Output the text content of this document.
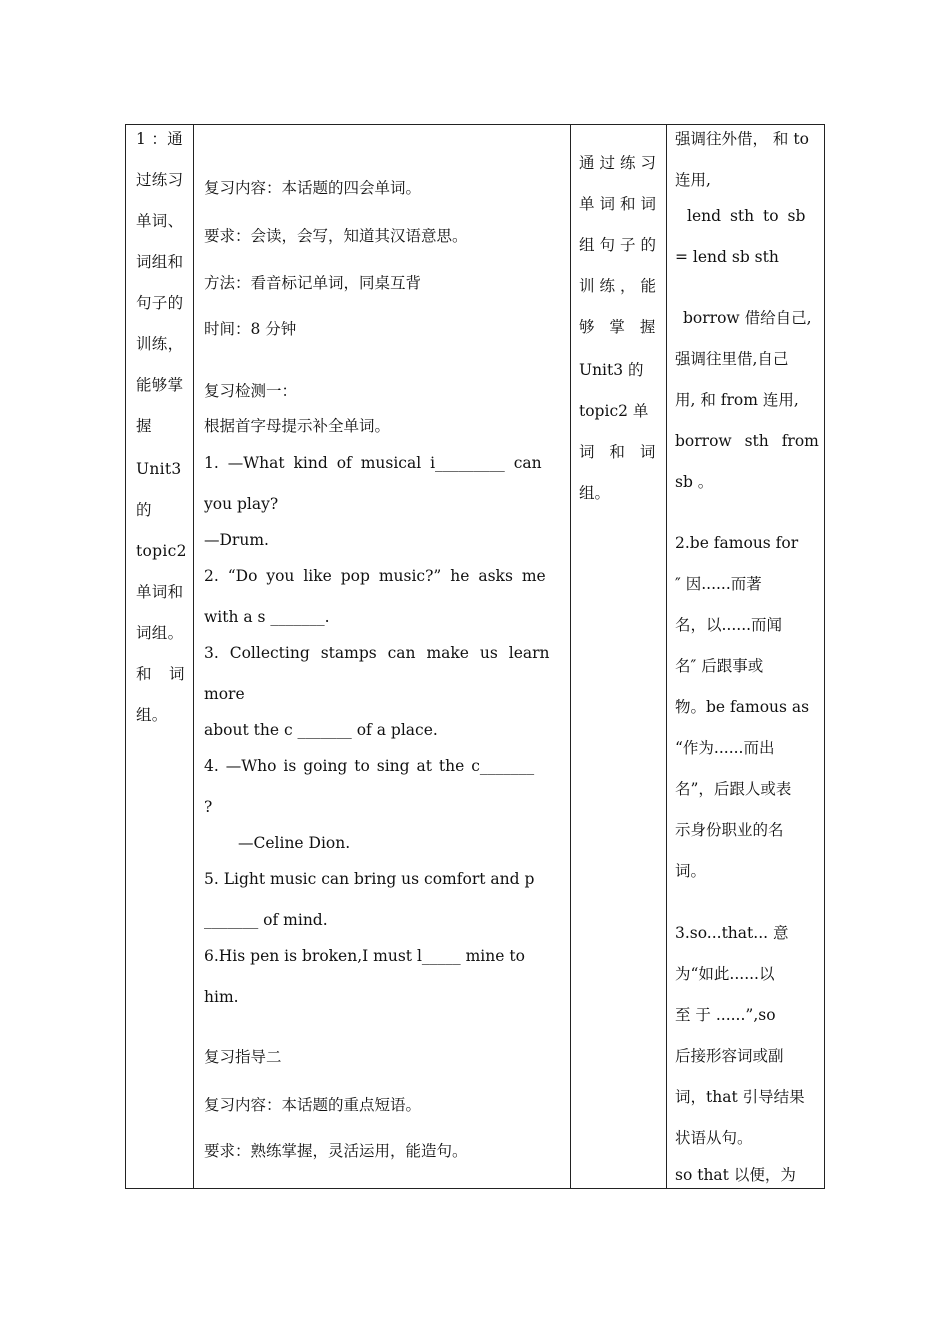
1 ：通
过练习
单词、
词组和
句子的
训练，
能够掌
握
Unit3
的
topic2
单词和
词组。
和 词
组。
复习内容：本话题的四会单词。
要求：会读，会写，知道其汉语意思。
方法：看音标记单词，同桌互背
时间：8 分钟
复习检测一：
根据首字母提示补全单词。
1. —What kind of musical i_________ can
you play?
—Drum.
2. “Do you like pop music?” he asks me
with a s _______.
3. Collecting stamps can make us learn
more
about the c _______ of a place.
4. —Who is going to sing at the c_______
?
—Celine Dion.
5. Light music can bring us comfort and p
_______ of mind.
6.His pen is broken,I must l_____ mine to
him.
复习指导二
复习内容：本话题的重点短语。
要求：熟练掌握，灵活运用，能造句。
通过练习
单词和词
组句子的
训练，能
够 掌 握
Unit3 的
topic2 单
词 和 词
组。
强调往外借， 和 to
连用,
lend sth to sb
= lend sb sth
borrow 借给自己,
强调往里借,自己
用, 和 from 连用,
borrow sth from
sb 。
2.be famous for
″ 因......而著
名，以......而闻
名″ 后跟事或
物。be famous as
“作为......而出
名”，后跟人或表
示身份职业的名
词。
3.so...that... 意
为“如此......以
至 于 ......”,so
后接形容词或副
词，that 引导结果
状语从句。
so that 以便，为
